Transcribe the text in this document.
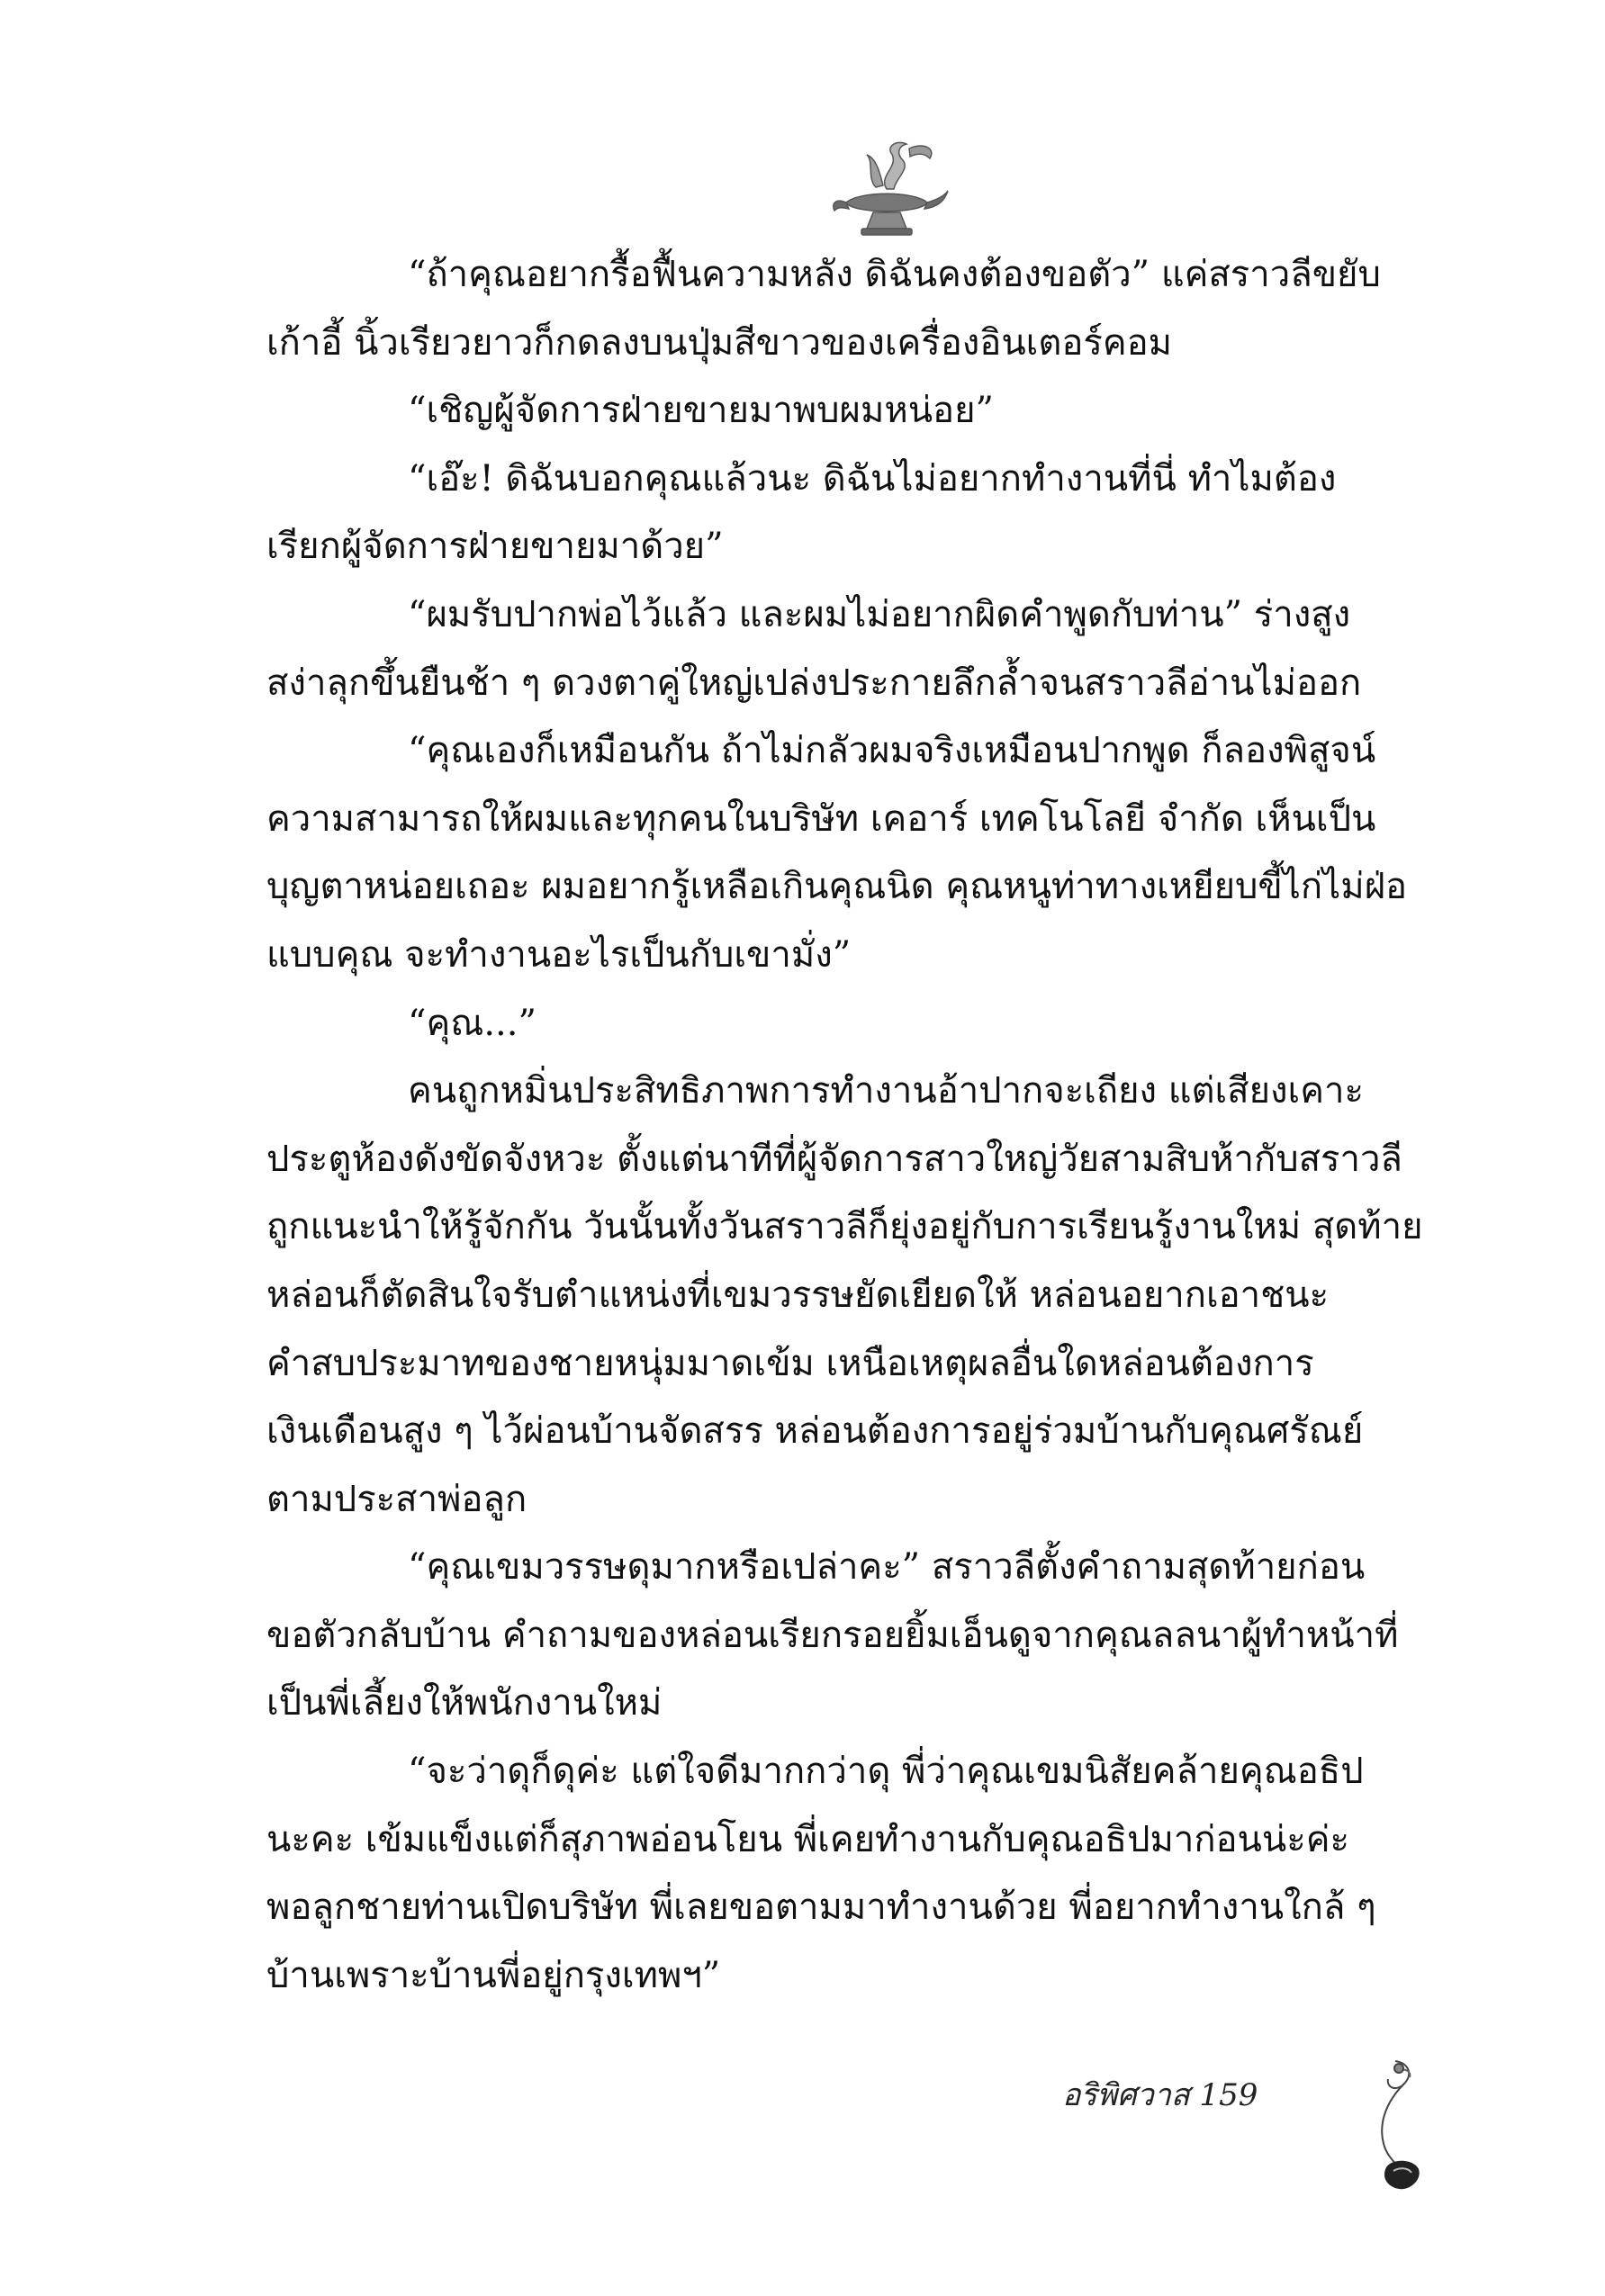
“ถ้าคุณอยากรื้อฟื้นความหลัง ดิฉันคงต้องขอตัว” แค่สราวลีขยับ
เก้าอี้ นิ้วเรียวยาวก็กดลงบนปุ่มสีขาวของเครื่องอินเตอร์คอม
“เชิญผู้จัดการฝ่ายขายมาพบผมหน่อย”
“เอ๊ะ! ดิฉันบอกคุณแล้วนะ ดิฉันไม่อยากทำงานที่นี่ ทำไมต้อง
เรียกผู้จัดการฝ่ายขายมาด้วย”
“ผมรับปากพ่อไว้แล้ว และผมไม่อยากผิดคำพูดกับท่าน” ร่างสูง
สง่าลุกขึ้นยืนช้า ๆ ดวงตาคู่ใหญ่เปล่งประกายลึกล้ำจนสราวลีอ่านไม่ออก
“คุณเองก็เหมือนกัน ถ้าไม่กลัวผมจริงเหมือนปากพูด ก็ลองพิสูจน์
ความสามารถให้ผมและทุกคนในบริษัท เคอาร์ เทคโนโลยี จำกัด เห็นเป็น
บุญตาหน่อยเถอะ ผมอยากรู้เหลือเกินคุณนิด คุณหนูท่าทางเหยียบขี้ไก่ไม่ฝ่อ
แบบคุณ จะทำงานอะไรเป็นกับเขามั่ง”
“คุณ...”
คนถูกหมิ่นประสิทธิภาพการทำงานอ้าปากจะเถียง แต่เสียงเคาะ
ประตูห้องดังขัดจังหวะ ตั้งแต่นาทีที่ผู้จัดการสาวใหญ่วัยสามสิบห้ากับสราวลี
ถูกแนะนำให้รู้จักกัน วันนั้นทั้งวันสราวลีก็ยุ่งอยู่กับการเรียนรู้งานใหม่ สุดท้าย
หล่อนก็ตัดสินใจรับตำแหน่งที่เขมวรรษยัดเยียดให้ หล่อนอยากเอาชนะ
คำสบประมาทของชายหนุ่มมาดเข้ม เหนือเหตุผลอื่นใดหล่อนต้องการ
เงินเดือนสูง ๆ ไว้ผ่อนบ้านจัดสรร หล่อนต้องการอยู่ร่วมบ้านกับคุณศรัณย์
ตามประสาพ่อลูก
“คุณเขมวรรษดุมากหรือเปล่าคะ” สราวลีตั้งคำถามสุดท้ายก่อน
ขอตัวกลับบ้าน คำถามของหล่อนเรียกรอยยิ้มเอ็นดูจากคุณลลนาผู้ทำหน้าที่
เป็นพี่เลี้ยงให้พนักงานใหม่
“จะว่าดุก็ดุค่ะ แต่ใจดีมากกว่าดุ พี่ว่าคุณเขมนิสัยคล้ายคุณอธิป
นะคะ เข้มแข็งแต่ก็สุภาพอ่อนโยน พี่เคยทำงานกับคุณอธิปมาก่อนน่ะค่ะ
พอลูกชายท่านเปิดบริษัท พี่เลยขอตามมาทำงานด้วย พี่อยากทำงานใกล้ ๆ
บ้านเพราะบ้านพี่อยู่กรุงเทพฯ”
อริพิศวาส 159
